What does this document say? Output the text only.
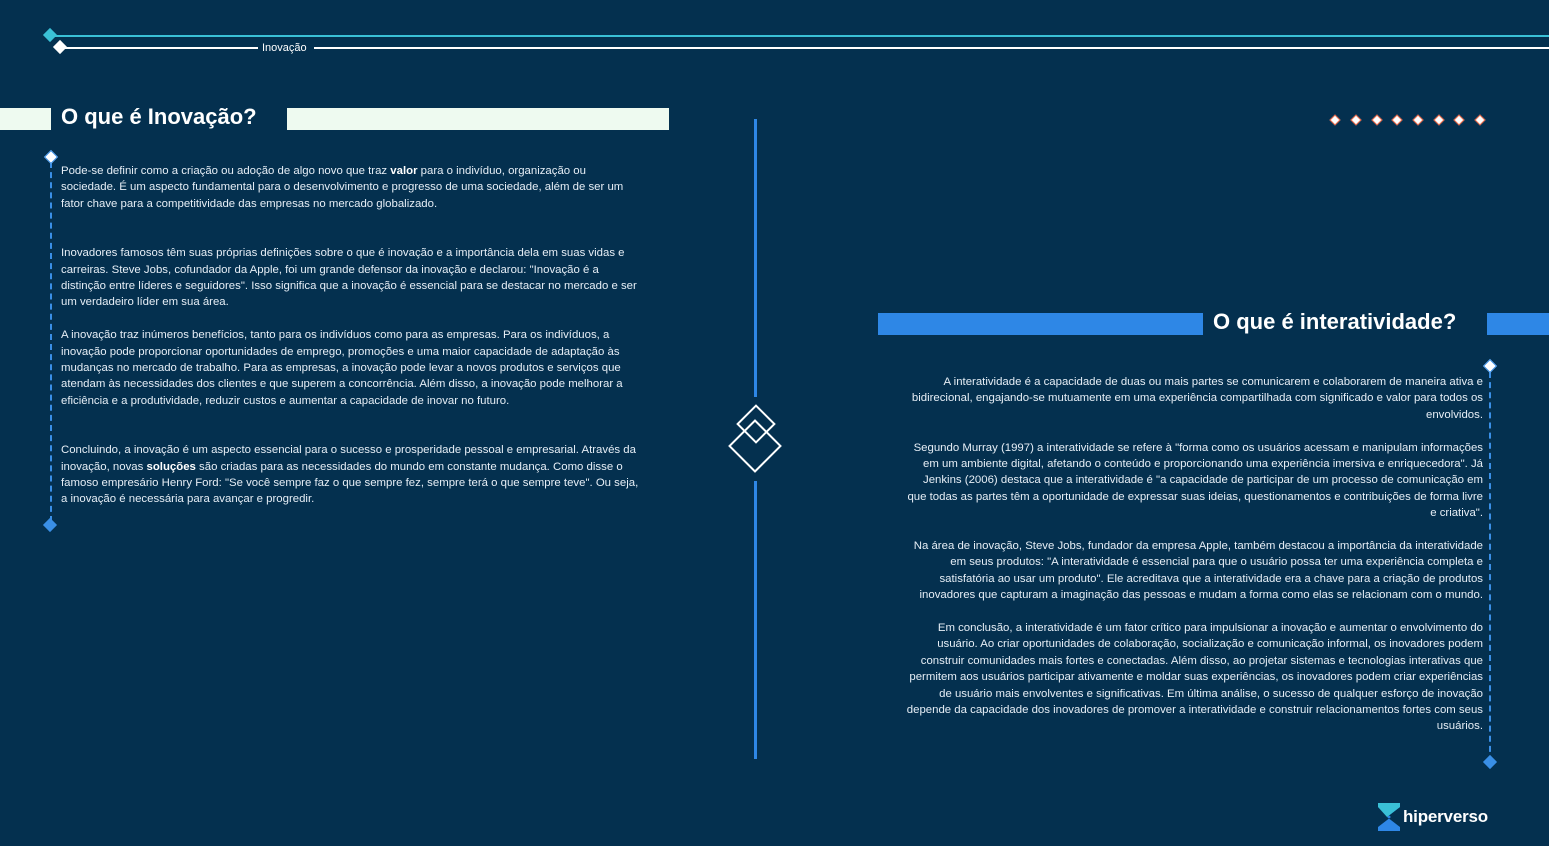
Inovação
O que é Inovação?

Pode-se definir como a criação ou adoção de algo novo que traz valor para o indivíduo, organização ou sociedade. É um aspecto fundamental para o desenvolvimento e progresso de uma sociedade, além de ser um fator chave para a competitividade das empresas no mercado globalizado.

Inovadores famosos têm suas próprias definições sobre o que é inovação e a importância dela em suas vidas e carreiras. Steve Jobs, cofundador da Apple, foi um grande defensor da inovação e declarou: "Inovação é a distinção entre líderes e seguidores". Isso significa que a inovação é essencial para se destacar no mercado e ser um verdadeiro líder em sua área.

A inovação traz inúmeros benefícios, tanto para os indivíduos como para as empresas. Para os indivíduos, a inovação pode proporcionar oportunidades de emprego, promoções e uma maior capacidade de adaptação às mudanças no mercado de trabalho. Para as empresas, a inovação pode levar a novos produtos e serviços que atendam às necessidades dos clientes e que superem a concorrência. Além disso, a inovação pode melhorar a eficiência e a produtividade, reduzir custos e aumentar a capacidade de inovar no futuro.

Concluindo, a inovação é um aspecto essencial para o sucesso e prosperidade pessoal e empresarial. Através da inovação, novas soluções são criadas para as necessidades do mundo em constante mudança. Como disse o famoso empresário Henry Ford: "Se você sempre faz o que sempre fez, sempre terá o que sempre teve". Ou seja, a inovação é necessária para avançar e progredir.

O que é interatividade?

A interatividade é a capacidade de duas ou mais partes se comunicarem e colaborarem de maneira ativa e bidirecional, engajando-se mutuamente em uma experiência compartilhada com significado e valor para todos os envolvidos.

Segundo Murray (1997) a interatividade se refere à "forma como os usuários acessam e manipulam informações em um ambiente digital, afetando o conteúdo e proporcionando uma experiência imersiva e enriquecedora". Já Jenkins (2006) destaca que a interatividade é "a capacidade de participar de um processo de comunicação em que todas as partes têm a oportunidade de expressar suas ideias, questionamentos e contribuições de forma livre e criativa".

Na área de inovação, Steve Jobs, fundador da empresa Apple, também destacou a importância da interatividade em seus produtos: "A interatividade é essencial para que o usuário possa ter uma experiência completa e satisfatória ao usar um produto". Ele acreditava que a interatividade era a chave para a criação de produtos inovadores que capturam a imaginação das pessoas e mudam a forma como elas se relacionam com o mundo.

Em conclusão, a interatividade é um fator crítico para impulsionar a inovação e aumentar o envolvimento do usuário. Ao criar oportunidades de colaboração, socialização e comunicação informal, os inovadores podem construir comunidades mais fortes e conectadas. Além disso, ao projetar sistemas e tecnologias interativas que permitem aos usuários participar ativamente e moldar suas experiências, os inovadores podem criar experiências de usuário mais envolventes e significativas. Em última análise, o sucesso de qualquer esforço de inovação depende da capacidade dos inovadores de promover a interatividade e construir relacionamentos fortes com seus usuários.

hiperverso
